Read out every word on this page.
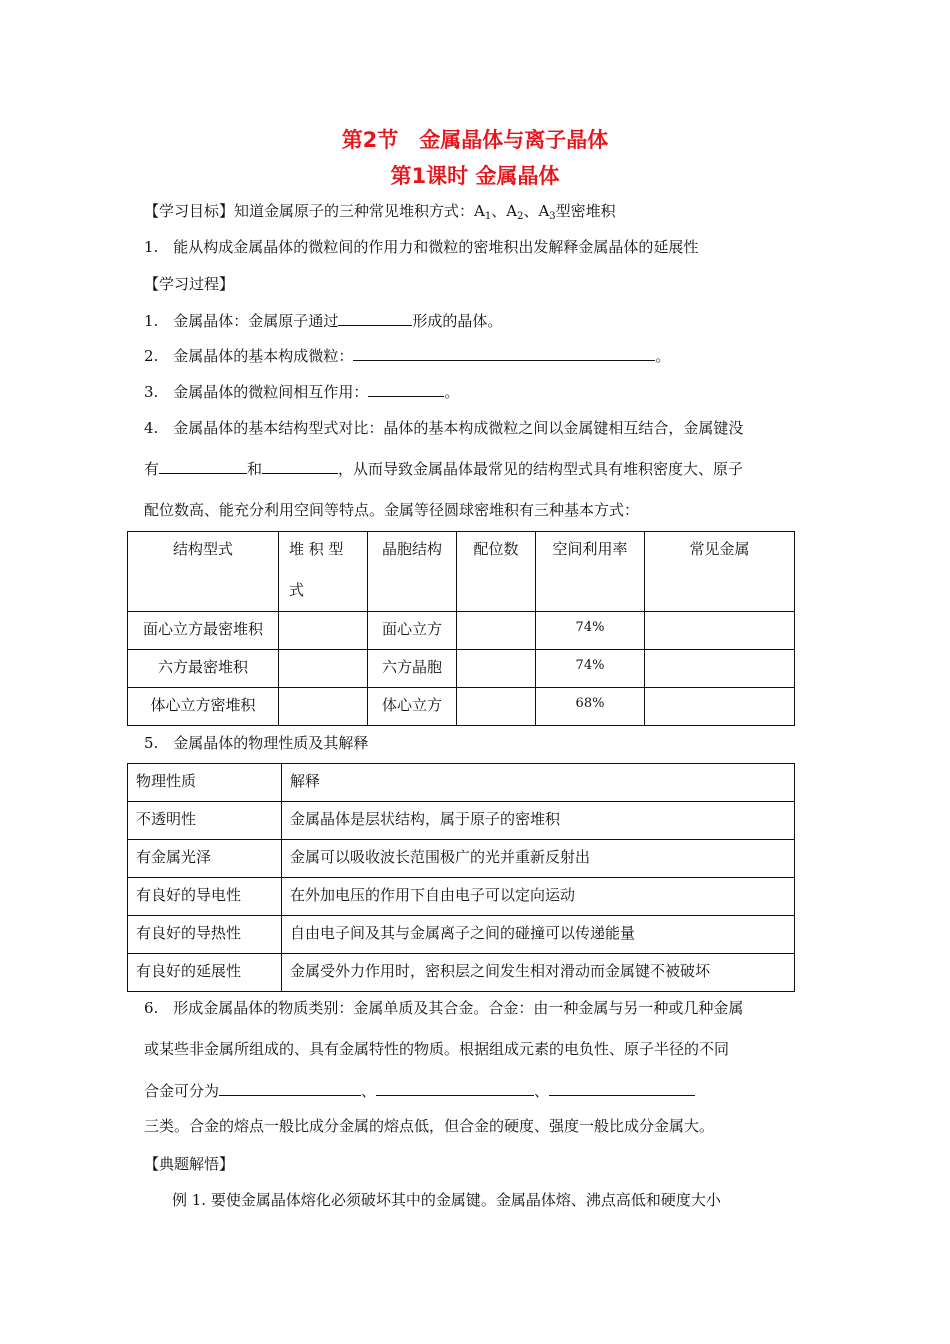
第2节　金属晶体与离子晶体
第1课时 金属晶体
【学习目标】知道金属原子的三种常见堆积方式：$A_1$、$A_2$、$A_3$型密堆积
1.　能从构成金属晶体的微粒间的作用力和微粒的密堆积出发解释金属晶体的延展性
【学习过程】
1.　金属晶体：金属原子通过	形成的晶体。
2.　金属晶体的基本构成微粒：	。
3.　金属晶体的微粒间相互作用：	。
4.　金属晶体的基本结构型式对比：晶体的基本构成微粒之间以金属键相互结合，金属键没
有	和	，从而导致金属晶体最常见的结构型式具有堆积密度大、原子
配位数高、能充分利用空间等特点。金属等径圆球密堆积有三种基本方式：
结构型式	堆 积 型
式	晶胞结构	配位数	空间利用率	常见金属
面心立方最密堆积		面心立方		74%	
六方最密堆积		六方晶胞		74%	
体心立方密堆积		体心立方		68%	
5.　金属晶体的物理性质及其解释
物理性质	解释
不透明性	金属晶体是层状结构，属于原子的密堆积
有金属光泽	金属可以吸收波长范围极广的光并重新反射出
有良好的导电性	在外加电压的作用下自由电子可以定向运动
有良好的导热性	自由电子间及其与金属离子之间的碰撞可以传递能量
有良好的延展性	金属受外力作用时，密积层之间发生相对滑动而金属键不被破坏
6.　形成金属晶体的物质类别：金属单质及其合金。合金：由一种金属与另一种或几种金属
或某些非金属所组成的、具有金属特性的物质。根据组成元素的电负性、原子半径的不同
合金可分为	、	、
三类。合金的熔点一般比成分金属的熔点低，但合金的硬度、强度一般比成分金属大。
【典题解悟】
例 1. 要使金属晶体熔化必须破坏其中的金属键。金属晶体熔、沸点高低和硬度大小
